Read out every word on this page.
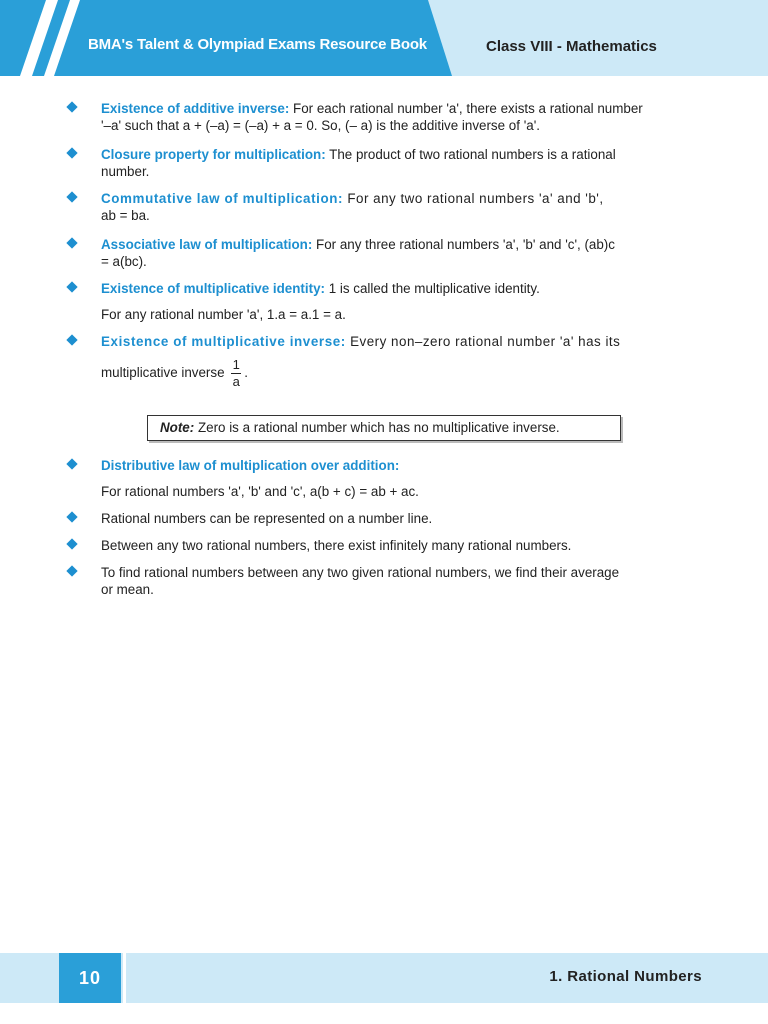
BMA's Talent & Olympiad Exams Resource Book	Class VIII - Mathematics
Existence of additive inverse: For each rational number 'a', there exists a rational number
'–a' such that a + (–a) = (–a) + a = 0. So, (– a) is the additive inverse of 'a'.
Closure property for multiplication: The product of two rational numbers is a rational
number.
Commutative law of multiplication: For any two rational numbers 'a' and 'b',
ab = ba.
Associative law of multiplication: For any three rational numbers 'a', 'b' and 'c', (ab)c
= a(bc).
Existence of multiplicative identity: 1 is called the multiplicative identity.
For any rational number 'a', 1.a = a.1 = a.
Existence of multiplicative inverse: Every non–zero rational number 'a' has its
multiplicative inverse $\frac{1}{a}$ .
Distributive law of multiplication over addition:
For rational numbers 'a', 'b' and 'c', a(b + c) = ab + ac.
Rational numbers can be represented on a number line.
Between any two rational numbers, there exist infinitely many rational numbers.
To find rational numbers between any two given rational numbers, we find their average
or mean.
Note: Zero is a rational number which has no multiplicative inverse.
10	1. Rational Numbers
